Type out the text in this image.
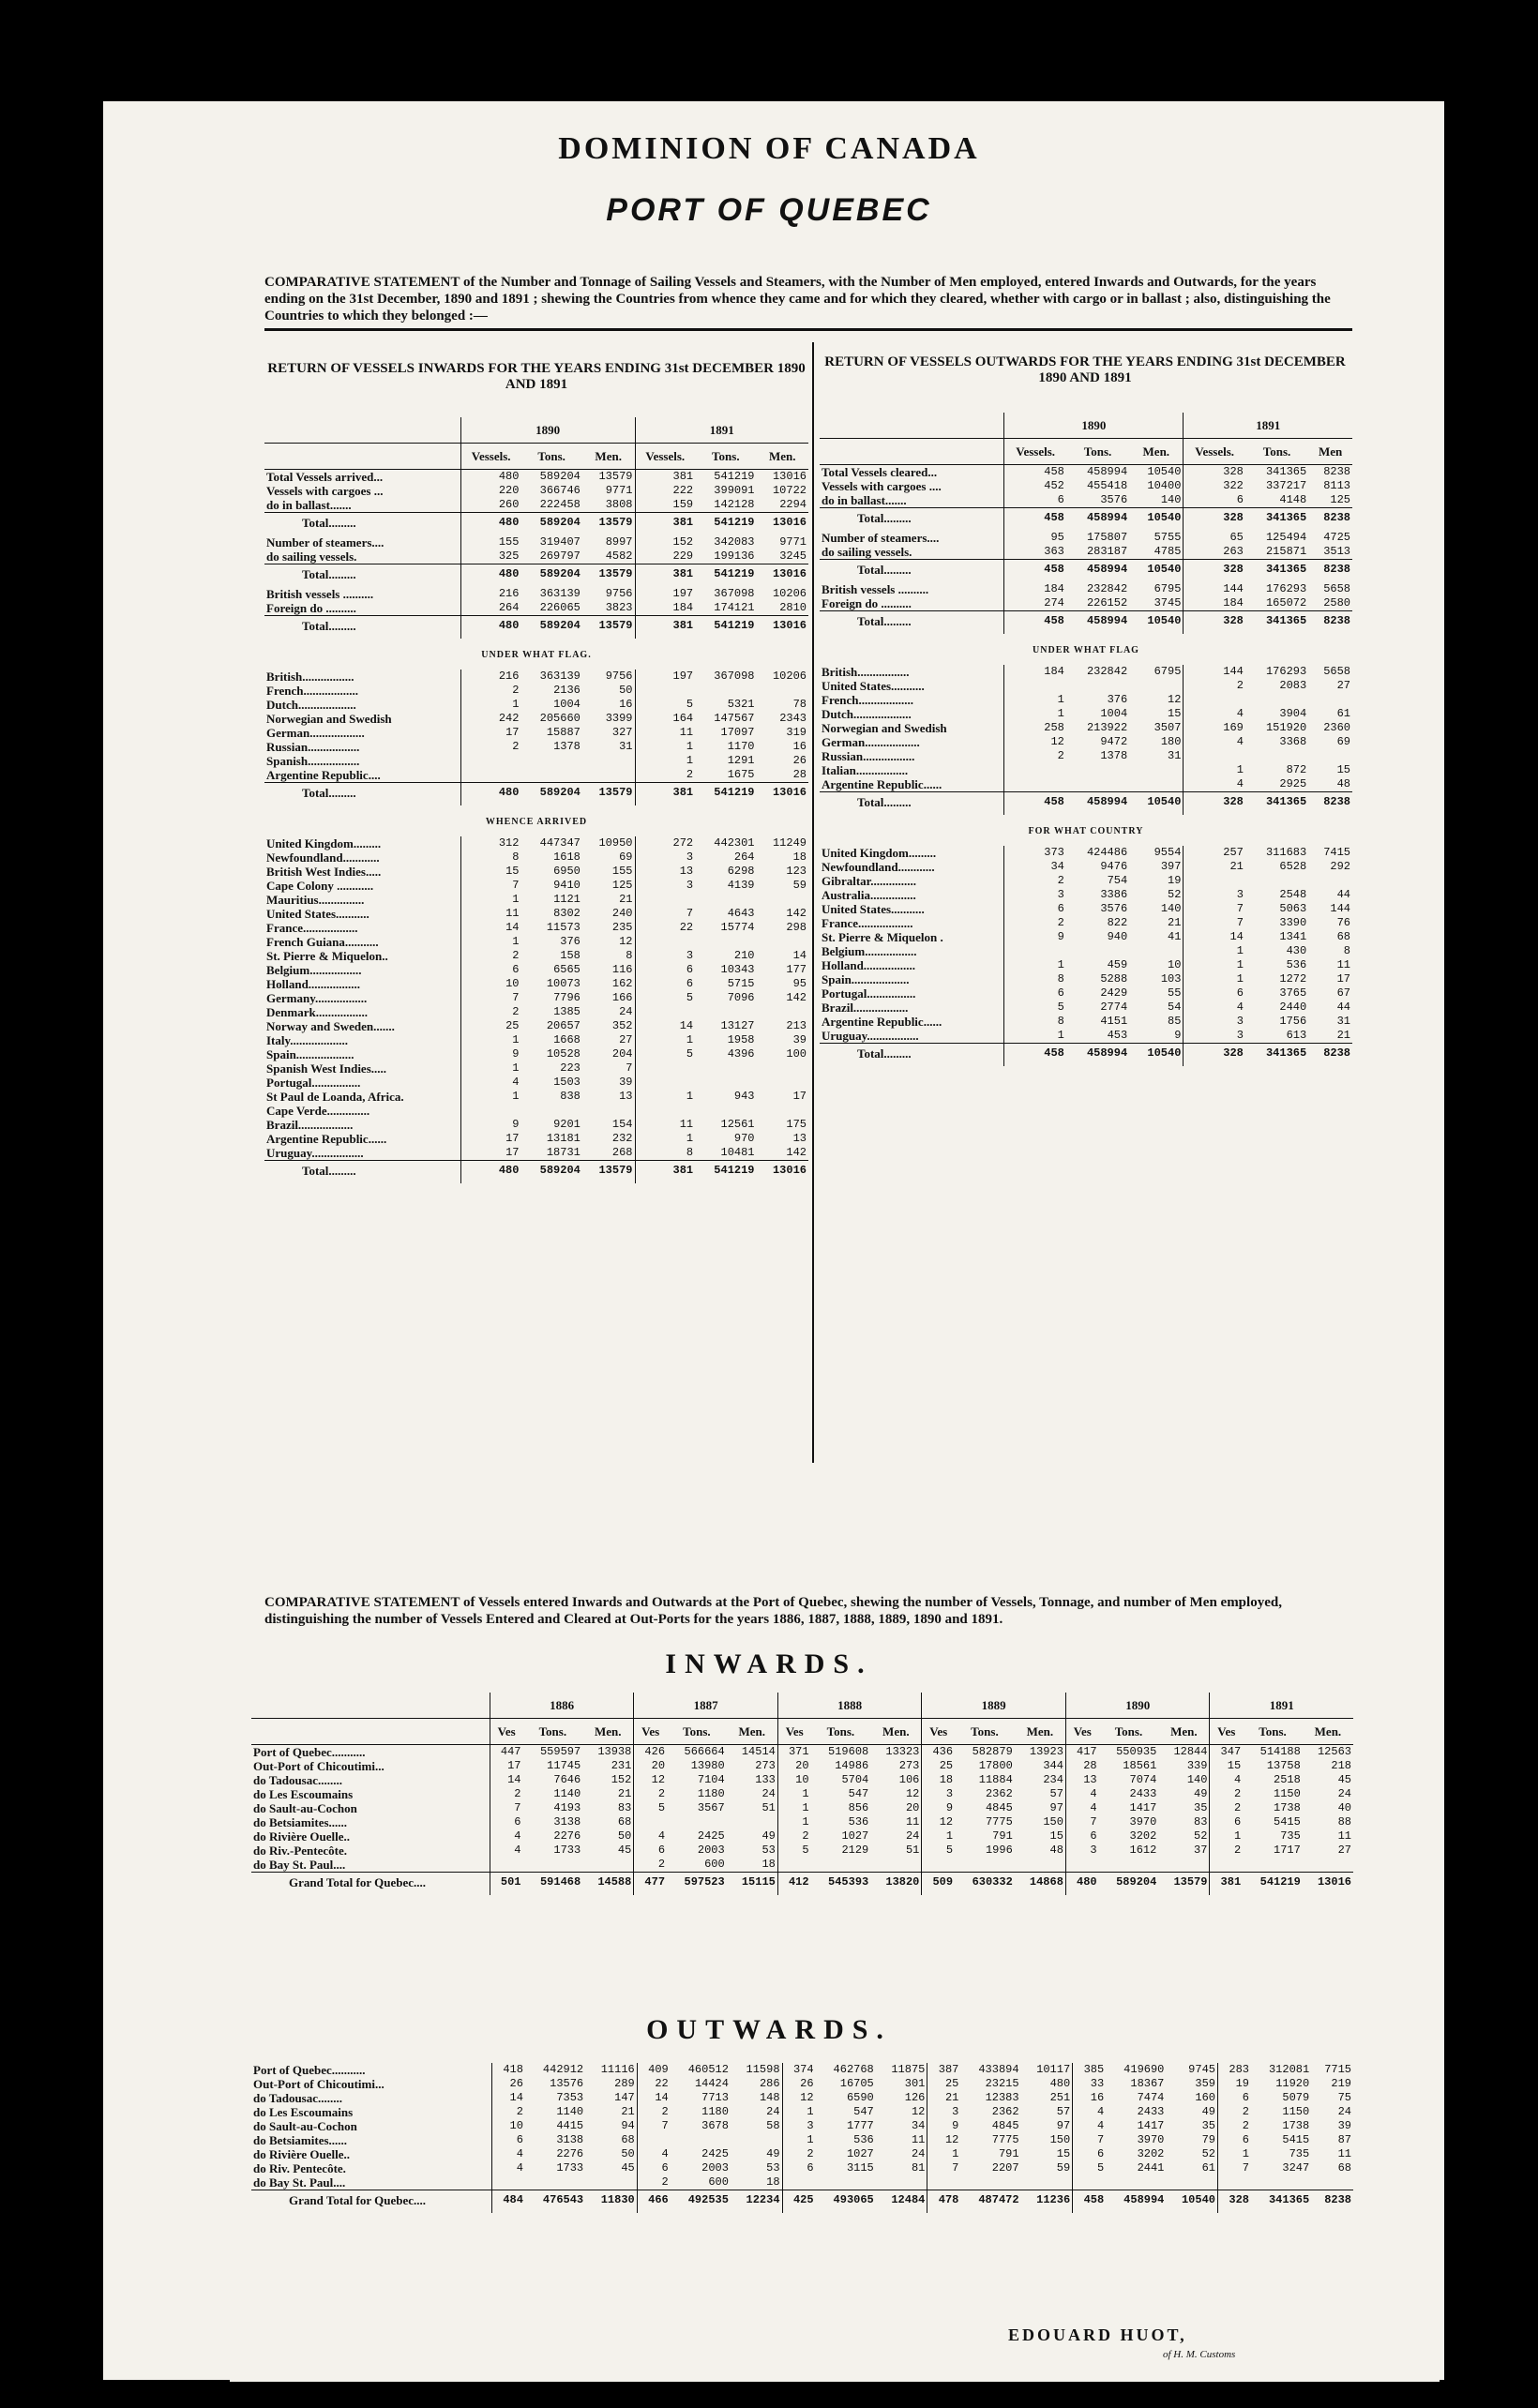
DOMINION OF CANADA
PORT OF QUEBEC
COMPARATIVE STATEMENT of the Number and Tonnage of Sailing Vessels and Steamers, with the Number of Men employed, entered Inwards and Outwards, for the years ending on the 31st December, 1890 and 1891 ; shewing the Countries from whence they came and for which they cleared, whether with cargo or in ballast ; also, distinguishing the Countries to which they belonged :—
RETURN OF VESSELS INWARDS FOR THE YEARS ENDING 31st DECEMBER 1890 AND 1891
RETURN OF VESSELS OUTWARDS FOR THE YEARS ENDING 31st DECEMBER 1890 AND 1891
	1890			1891		
	Vessels.	Tons.	Men.	Vessels.	Tons.	Men.
Total Vessels arrived...	480	589204	13579	381	541219	13016
Vessels with cargoes ...	220	366746	9771	222	399091	10722
do in ballast.......	260	222458	3808	159	142128	2294
Total.........	480	589204	13579	381	541219	13016
Number of steamers....	155	319407	8997	152	342083	9771
do sailing vessels.	325	269797	4582	229	199136	3245
Total.........	480	589204	13579	381	541219	13016
British vessels ..........	216	363139	9756	197	367098	10206
Foreign do ..........	264	226065	3823	184	174121	2810
Total.........	480	589204	13579	381	541219	13016
UNDER WHAT FLAG.						
British.................	216	363139	9756	197	367098	10206
French..................	2	2136	50			
Dutch...................	1	1004	16	5	5321	78
Norwegian and Swedish	242	205660	3399	164	147567	2343
German..................	17	15887	327	11	17097	319
Russian.................	2	1378	31	1	1170	16
Spanish.................				1	1291	26
Argentine Republic....				2	1675	28
Total.........	480	589204	13579	381	541219	13016
WHENCE ARRIVED						
United Kingdom.........	312	447347	10950	272	442301	11249
Newfoundland............	8	1618	69	3	264	18
British West Indies.....	15	6950	155	13	6298	123
Cape Colony ............	7	9410	125	3	4139	59
Mauritius...............	1	1121	21			
United States...........	11	8302	240	7	4643	142
France..................	14	11573	235	22	15774	298
French Guiana...........	1	376	12			
St. Pierre & Miquelon..	2	158	8	3	210	14
Belgium.................	6	6565	116	6	10343	177
Holland.................	10	10073	162	6	5715	95
Germany.................	7	7796	166	5	7096	142
Denmark.................	2	1385	24			
Norway and Sweden.......	25	20657	352	14	13127	213
Italy...................	1	1668	27	1	1958	39
Spain...................	9	10528	204	5	4396	100
Spanish West Indies.....	1	223	7			
Portugal................	4	1503	39			
St Paul de Loanda, Africa.	1	838	13	1	943	17
Cape Verde..............						
Brazil..................	9	9201	154	11	12561	175
Argentine Republic......	17	13181	232	1	970	13
Uruguay.................	17	18731	268	8	10481	142
Total.........	480	589204	13579	381	541219	13016
	1890			1891		
	Vessels.	Tons.	Men.	Vessels.	Tons.	Men
Total Vessels cleared...	458	458994	10540	328	341365	8238
Vessels with cargoes ....	452	455418	10400	322	337217	8113
do in ballast.......	6	3576	140	6	4148	125
Total.........	458	458994	10540	328	341365	8238
Number of steamers....	95	175807	5755	65	125494	4725
do sailing vessels.	363	283187	4785	263	215871	3513
Total.........	458	458994	10540	328	341365	8238
British vessels ..........	184	232842	6795	144	176293	5658
Foreign do ..........	274	226152	3745	184	165072	2580
Total.........	458	458994	10540	328	341365	8238
UNDER WHAT FLAG						
British.................	184	232842	6795	144	176293	5658
United States...........				2	2083	27
French..................	1	376	12			
Dutch...................	1	1004	15	4	3904	61
Norwegian and Swedish	258	213922	3507	169	151920	2360
German..................	12	9472	180	4	3368	69
Russian.................	2	1378	31			
Italian.................				1	872	15
Argentine Republic......				4	2925	48
Total.........	458	458994	10540	328	341365	8238
FOR WHAT COUNTRY						
United Kingdom.........	373	424486	9554	257	311683	7415
Newfoundland............	34	9476	397	21	6528	292
Gibraltar...............	2	754	19			
Australia...............	3	3386	52	3	2548	44
United States...........	6	3576	140	7	5063	144
France..................	2	822	21	7	3390	76
St. Pierre & Miquelon .	9	940	41	14	1341	68
Belgium.................				1	430	8
Holland.................	1	459	10	1	536	11
Spain...................	8	5288	103	1	1272	17
Portugal................	6	2429	55	6	3765	67
Brazil..................	5	2774	54	4	2440	44
Argentine Republic......	8	4151	85	3	1756	31
Uruguay.................	1	453	9	3	613	21
Total.........	458	458994	10540	328	341365	8238
COMPARATIVE STATEMENT of Vessels entered Inwards and Outwards at the Port of Quebec, shewing the number of Vessels, Tonnage, and number of Men employed, distinguishing the number of Vessels Entered and Cleared at Out-Ports for the years 1886, 1887, 1888, 1889, 1890 and 1891.
INWARDS.
	1886			1887			1888			1889			1890			1891		
	Ves	Tons.	Men.	Ves	Tons.	Men.	Ves	Tons.	Men.	Ves	Tons.	Men.	Ves	Tons.	Men.	Ves	Tons.	Men.
Port of Quebec...........	447	559597	13938	426	566664	14514	371	519608	13323	436	582879	13923	417	550935	12844	347	514188	12563
Out-Port of Chicoutimi...	17	11745	231	20	13980	273	20	14986	273	25	17800	344	28	18561	339	15	13758	218
do Tadousac........	14	7646	152	12	7104	133	10	5704	106	18	11884	234	13	7074	140	4	2518	45
do Les Escoumains	2	1140	21	2	1180	24	1	547	12	3	2362	57	4	2433	49	2	1150	24
do Sault-au-Cochon	7	4193	83	5	3567	51	1	856	20	9	4845	97	4	1417	35	2	1738	40
do Betsiamites......	6	3138	68				1	536	11	12	7775	150	7	3970	83	6	5415	88
do Rivière Ouelle..	4	2276	50	4	2425	49	2	1027	24	1	791	15	6	3202	52	1	735	11
do Riv.-Pentecôte.	4	1733	45	6	2003	53	5	2129	51	5	1996	48	3	1612	37	2	1717	27
do Bay St. Paul....				2	600	18												
Grand Total for Quebec....	501	591468	14588	477	597523	15115	412	545393	13820	509	630332	14868	480	589204	13579	381	541219	13016
OUTWARDS.
Port of Quebec...........	418	442912	11116	409	460512	11598	374	462768	11875	387	433894	10117	385	419690	9745	283	312081	7715
Out-Port of Chicoutimi...	26	13576	289	22	14424	286	26	16705	301	25	23215	480	33	18367	359	19	11920	219
do Tadousac........	14	7353	147	14	7713	148	12	6590	126	21	12383	251	16	7474	160	6	5079	75
do Les Escoumains	2	1140	21	2	1180	24	1	547	12	3	2362	57	4	2433	49	2	1150	24
do Sault-au-Cochon	10	4415	94	7	3678	58	3	1777	34	9	4845	97	4	1417	35	2	1738	39
do Betsiamites......	6	3138	68				1	536	11	12	7775	150	7	3970	79	6	5415	87
do Rivière Ouelle..	4	2276	50	4	2425	49	2	1027	24	1	791	15	6	3202	52	1	735	11
do Riv. Pentecôte.	4	1733	45	6	2003	53	6	3115	81	7	2207	59	5	2441	61	7	3247	68
do Bay St. Paul....				2	600	18												
Grand Total for Quebec....	484	476543	11830	466	492535	12234	425	493065	12484	478	487472	11236	458	458994	10540	328	341365	8238
EDOUARD HUOT,
of H. M. Customs
